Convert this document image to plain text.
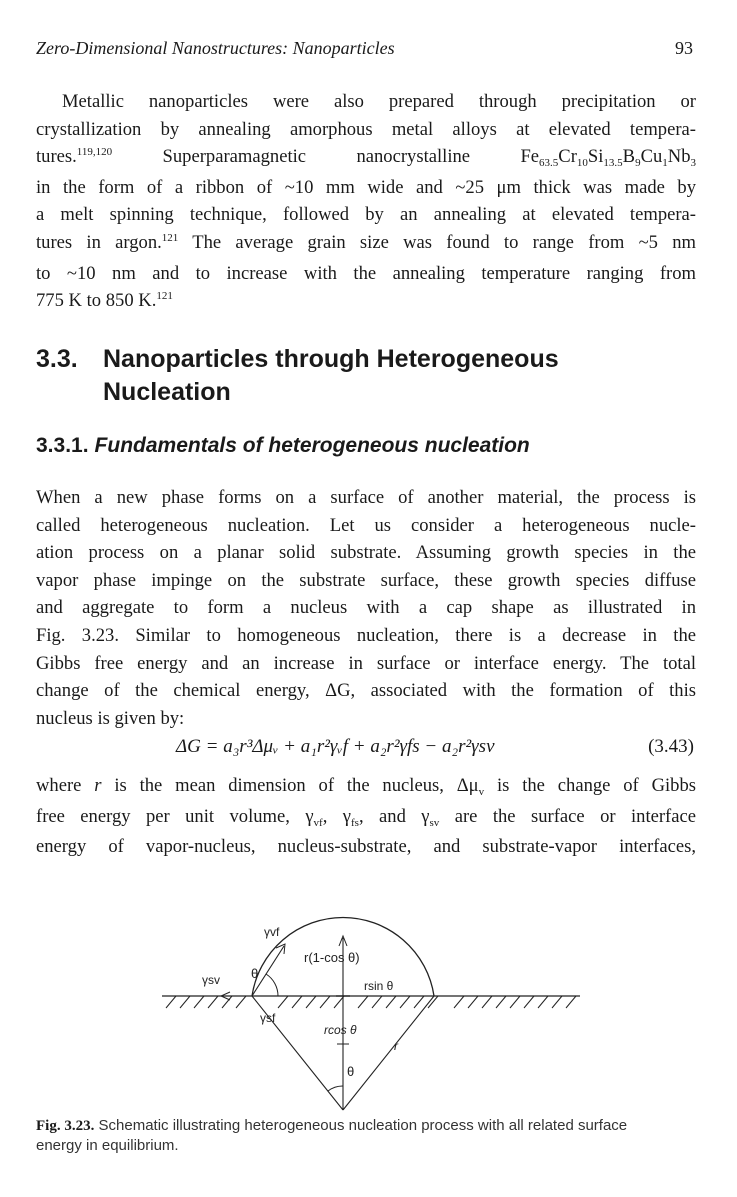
Zero-Dimensional Nanostructures: Nanoparticles	93
Metallic nanoparticles were also prepared through precipitation or
crystallization by annealing amorphous metal alloys at elevated tempera-
tures.$^{119,120}$ Superparamagnetic nanocrystalline $Fe_{63.5}Cr_{10}Si_{13.5}B_9Cu_1Nb_3$
in the form of a ribbon of ~10 mm wide and ~25 μm thick was made by
a melt spinning technique, followed by an annealing at elevated tempera-
tures in argon.$^{121}$ The average grain size was found to range from ~5 nm
to ~10 nm and to increase with the annealing temperature ranging from
775 K to 850 K.$^{121}$
3.3. Nanoparticles through Heterogeneous
Nucleation
3.3.1. Fundamentals of heterogeneous nucleation
When a new phase forms on a surface of another material, the process is
called heterogeneous nucleation. Let us consider a heterogeneous nucle-
ation process on a planar solid substrate. Assuming growth species in the
vapor phase impinge on the substrate surface, these growth species diffuse
and aggregate to form a nucleus with a cap shape as illustrated in
Fig. 3.23. Similar to homogeneous nucleation, there is a decrease in the
Gibbs free energy and an increase in surface or interface energy. The total
change of the chemical energy, ΔG, associated with the formation of this
nucleus is given by:
ΔG = a₃r³Δμᵥ + a₁r²γᵥf + a₂r²γfs − a₂r²γsv	(3.43)
where r is the mean dimension of the nucleus, $\Delta\mu_v$ is the change of Gibbs
free energy per unit volume, $\gamma_{vf}$, $\gamma_{fs}$, and $\gamma_{sv}$ are the surface or interface
energy of vapor-nucleus, nucleus-substrate, and substrate-vapor interfaces,
γvf
γsv
γsf
θ
r(1-cos θ)
rsin θ
rcos θ
r
θ
Fig. 3.23. Schematic illustrating heterogeneous nucleation process with all related surface
energy in equilibrium.
